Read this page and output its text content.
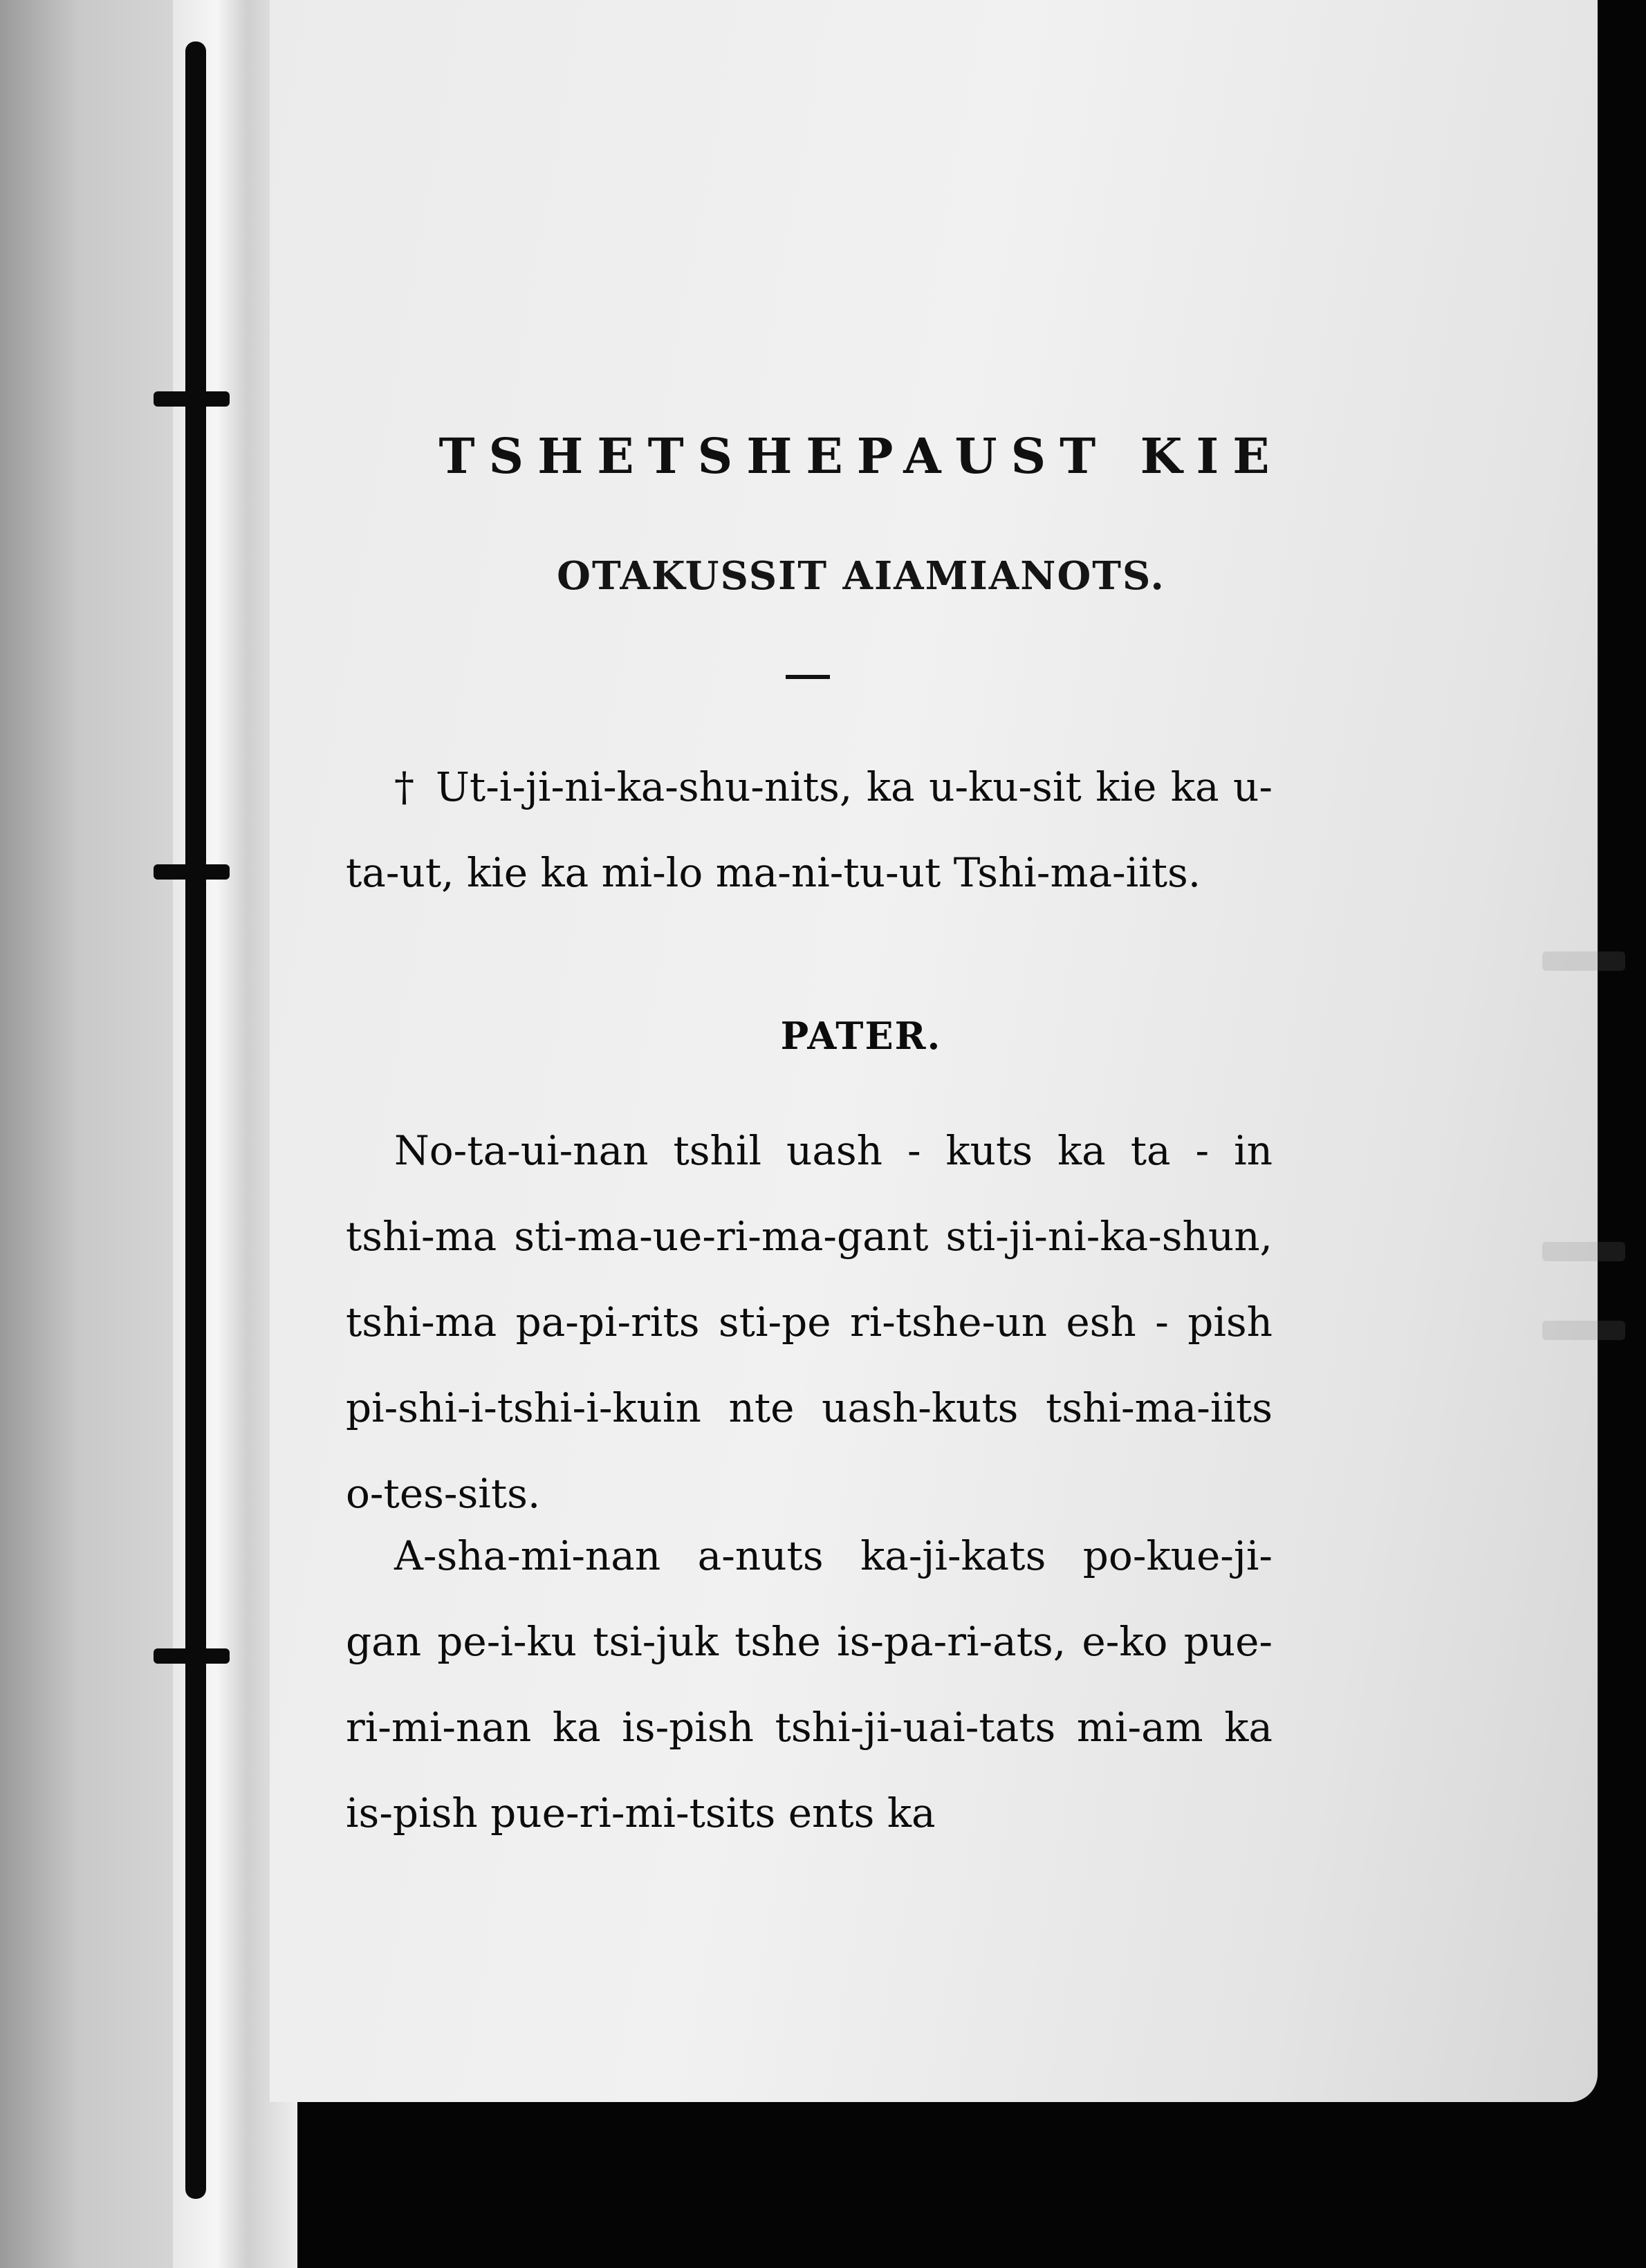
TSHETSHEPAUST KIE
OTAKUSSIT AIAMIANOTS.

† Ut-i-ji-ni-ka-shu-nits, ka u-ku-sit kie ka u-ta-ut, kie ka mi-lo ma-ni-tu-ut Tshi-ma-iits.

PATER.

No-ta-ui-nan tshil uash - kuts ka ta - in tshi-ma sti-ma-ue-ri-ma-gant sti-ji-ni-ka-shun, tshi-ma pa-pi-rits sti-pe ri-tshe-un esh - pish pi-shi-i-tshi-i-kuin nte uash-kuts tshi-ma-iits o-tes-sits.

A-sha-mi-nan a-nuts ka-ji-kats po-kue-ji-gan pe-i-ku tsi-juk tshe is-pa-ri-ats, e-ko pue-ri-mi-nan ka is-pish tshi-ji-uai-tats mi-am ka is-pish pue-ri-mi-tsits ents ka
